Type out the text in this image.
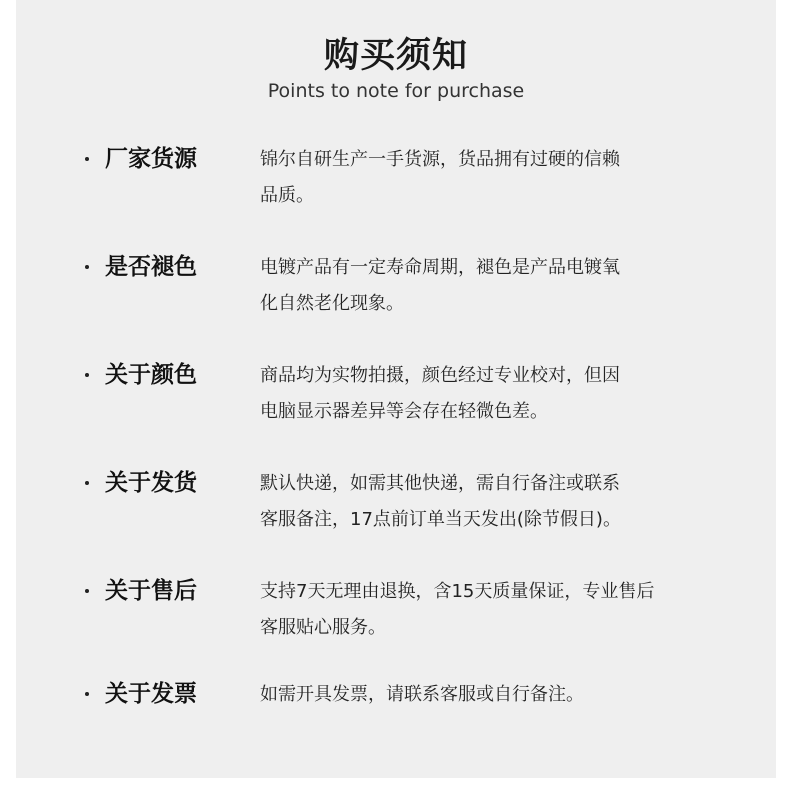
购买须知
Points to note for purchase
厂家货源	锦尔自研生产一手货源，货品拥有过硬的信赖
品质。

是否褪色	电镀产品有一定寿命周期，褪色是产品电镀氧
化自然老化现象。

关于颜色	商品均为实物拍摄，颜色经过专业校对，但因
电脑显示器差异等会存在轻微色差。

关于发货	默认快递，如需其他快递，需自行备注或联系
客服备注，17点前订单当天发出(除节假日)。

关于售后	支持7天无理由退换，含15天质量保证，专业售后
客服贴心服务。

关于发票	如需开具发票，请联系客服或自行备注。
